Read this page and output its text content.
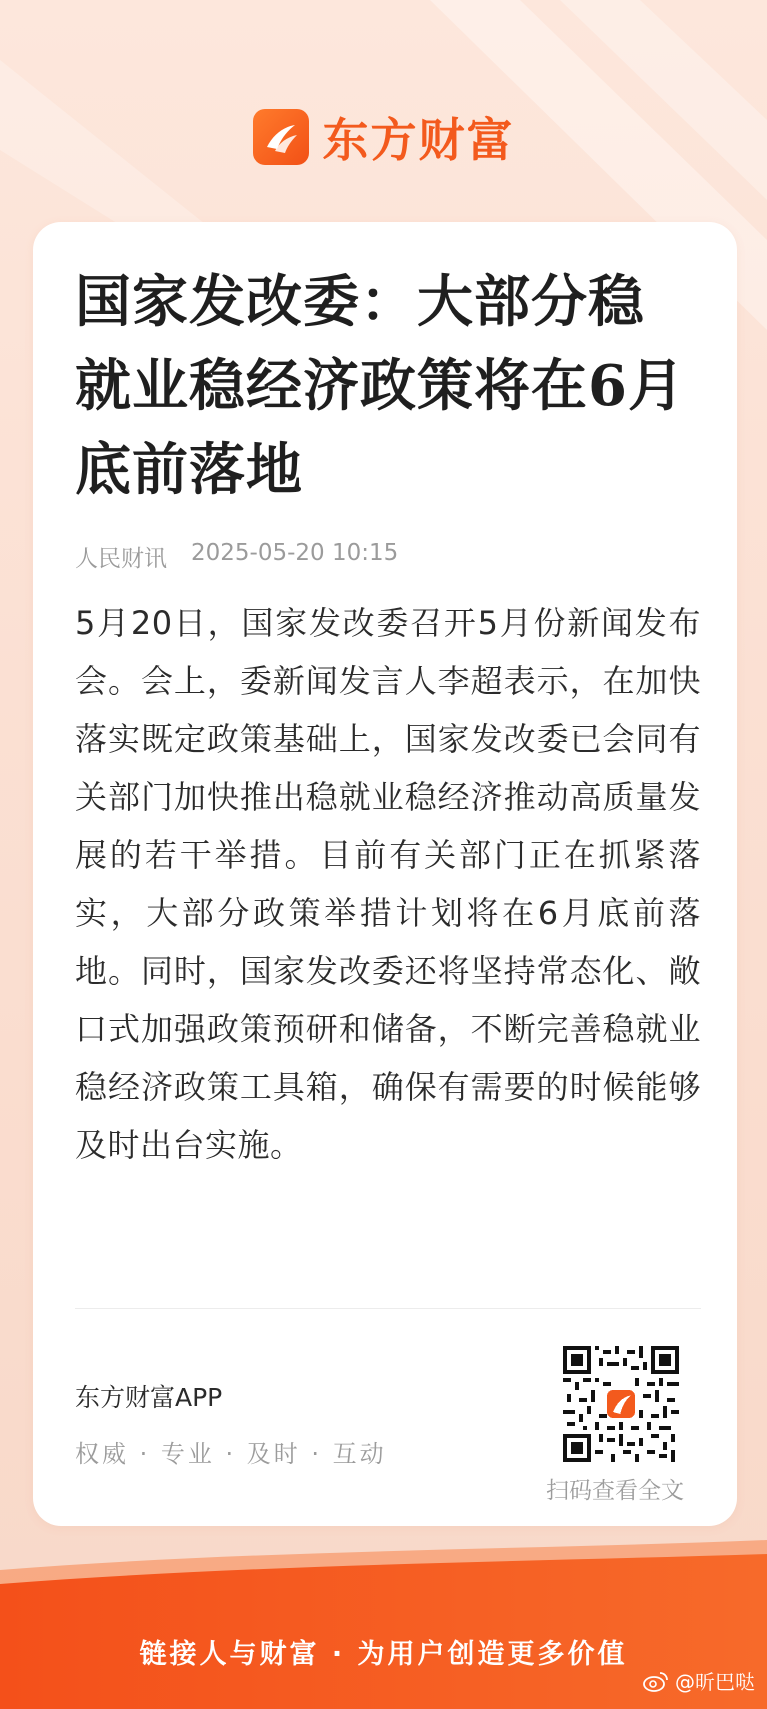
东方财富
国家发改委：大部分稳就业稳经济政策将在6月底前落地
人民财讯 2025-05-20 10:15
5月20日，国家发改委召开5月份新闻发布会。会上，委新闻发言人李超表示，在加快落实既定政策基础上，国家发改委已会同有关部门加快推出稳就业稳经济推动高质量发展的若干举措。目前有关部门正在抓紧落实，大部分政策举措计划将在6月底前落地。同时，国家发改委还将坚持常态化、敞口式加强政策预研和储备，不断完善稳就业稳经济政策工具箱，确保有需要的时候能够及时出台实施。
东方财富APP
权威 · 专业 · 及时 · 互动
扫码查看全文
链接人与财富 · 为用户创造更多价值
@昕巴哒
